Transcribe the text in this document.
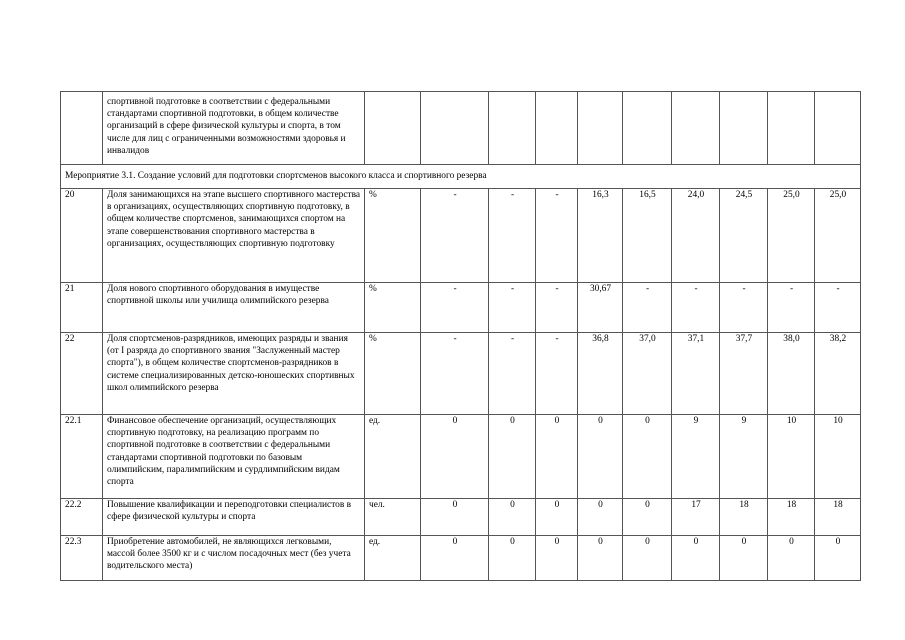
	спортивной подготовке в соответствии с федеральными стандартами спортивной подготовки, в общем количестве организаций в сфере физической культуры и спорта, в том числе для лиц с ограниченными возможностями здоровья и инвалидов										
Мероприятие 3.1. Создание условий для подготовки спортсменов высокого класса и спортивного резерва											
20	Доля занимающихся на этапе высшего спортивного мастерства в организациях, осуществляющих спортивную подготовку, в общем количестве спортсменов, занимающихся спортом на этапе совершенствования спортивного мастерства в организациях, осуществляющих спортивную подготовку	%	-	-	-	16,3	16,5	24,0	24,5	25,0	25,0
21	Доля нового спортивного оборудования в имуществе спортивной школы или училища олимпийского резерва	%	-	-	-	30,67	-	-	-	-	-
22	Доля спортсменов-разрядников, имеющих разряды и звания (от I разряда до спортивного звания "Заслуженный мастер спорта"), в общем количестве спортсменов-разрядников в системе специализированных детско-юношеских спортивных школ олимпийского резерва	%	-	-	-	36,8	37,0	37,1	37,7	38,0	38,2
22.1	Финансовое обеспечение организаций, осуществляющих спортивную подготовку, на реализацию программ по спортивной подготовке в соответствии с федеральными стандартами спортивной подготовки по базовым олимпийским, паралимпийским и сурдлимпийским видам спорта	ед.	0	0	0	0	0	9	9	10	10
22.2	Повышение квалификации и переподготовки специалистов в сфере физической культуры и спорта	чел.	0	0	0	0	0	17	18	18	18
22.3	Приобретение автомобилей, не являющихся легковыми, массой более 3500 кг и с числом посадочных мест (без учета водительского места)	ед.	0	0	0	0	0	0	0	0	0
